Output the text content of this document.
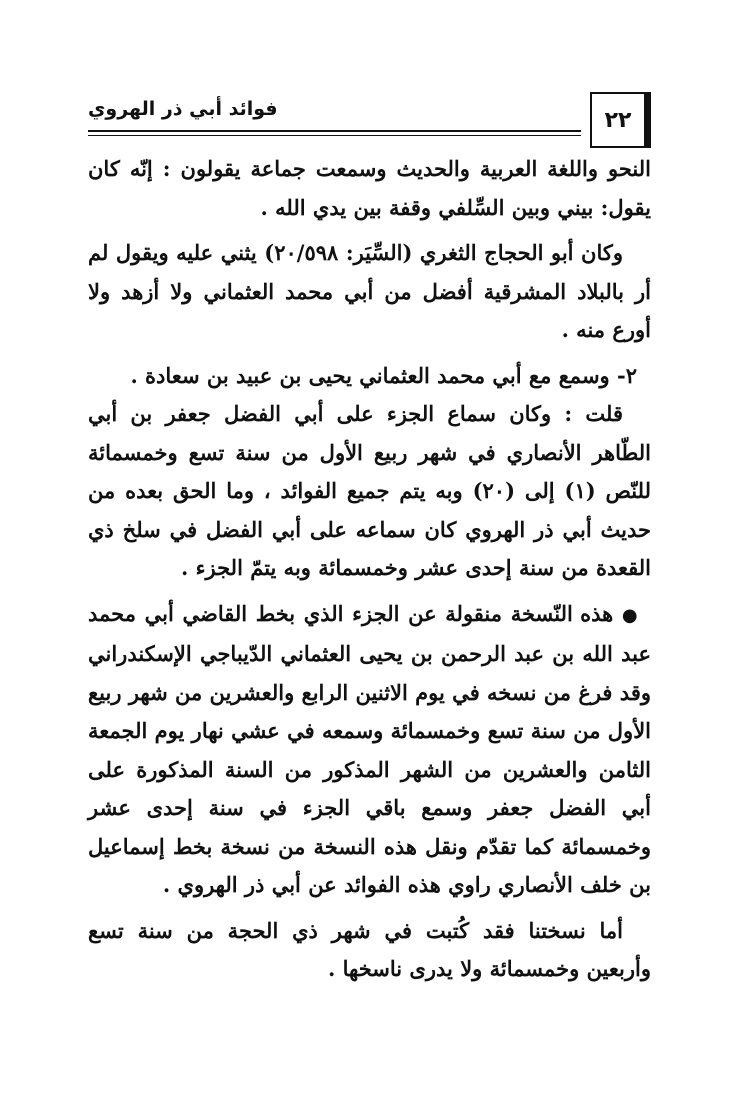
فوائد أبي ذر الهروي	٢٢

النحو واللغة العربية والحديث وسمعت جماعة يقولون : إنّه كان يقول: بيني وبين السِّلفي وقفة بين يدي الله .

وكان أبو الحجاج الثغري (السِّيَر: ٢٠/٥٩٨) يثني عليه ويقول لم أر بالبلاد المشرقية أفضل من أبي محمد العثماني ولا أزهد ولا أورع منه .

٢- وسمع مع أبي محمد العثماني يحيى بن عبيد بن سعادة .

قلت : وكان سماع الجزء على أبي الفضل جعفر بن أبي الطّاهر الأنصاري في شهر ربيع الأول من سنة تسع وخمسمائة للنّص (١) إلى (٢٠) وبه يتم جميع الفوائد ، وما الحق بعده من حديث أبي ذر الهروي كان سماعه على أبي الفضل في سلخ ذي القعدة من سنة إحدى عشر وخمسمائة وبه يتمّ الجزء .

● هذه النّسخة منقولة عن الجزء الذي بخط القاضي أبي محمد عبد الله بن عبد الرحمن بن يحيى العثماني الدّيباجي الإسكندراني وقد فرغ من نسخه في يوم الاثنين الرابع والعشرين من شهر ربيع الأول من سنة تسع وخمسمائة وسمعه في عشي نهار يوم الجمعة الثامن والعشرين من الشهر المذكور من السنة المذكورة على أبي الفضل جعفر وسمع باقي الجزء في سنة إحدى عشر وخمسمائة كما تقدّم ونقل هذه النسخة من نسخة بخط إسماعيل بن خلف الأنصاري راوي هذه الفوائد عن أبي ذر الهروي .

أما نسختنا فقد كُتبت في شهر ذي الحجة من سنة تسع وأربعين وخمسمائة ولا يدرى ناسخها .
